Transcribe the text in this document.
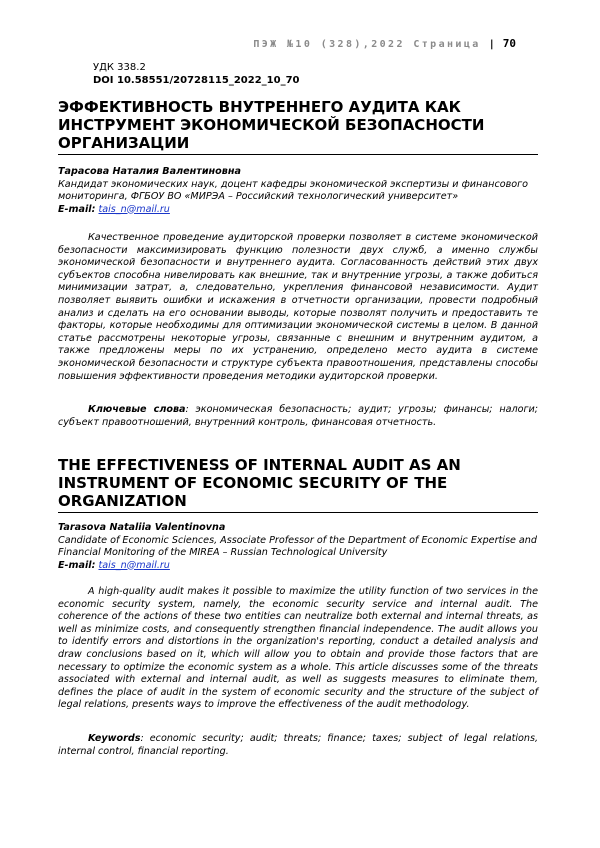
ПЭЖ №10 (328),2022 Страница | 70
УДК 338.2
DOI 10.58551/20728115_2022_10_70
ЭФФЕКТИВНОСТЬ ВНУТРЕННЕГО АУДИТА КАК ИНСТРУМЕНТ ЭКОНОМИЧЕСКОЙ БЕЗОПАСНОСТИ ОРГАНИЗАЦИИ
Тарасова Наталия Валентиновна
Кандидат экономических наук, доцент кафедры экономической экспертизы и финансового мониторинга, ФГБОУ ВО «МИРЭА – Российский технологический университет»
E-mail: tais_n@mail.ru

Качественное проведение аудиторской проверки позволяет в системе экономической безопасности максимизировать функцию полезности двух служб, а именно службы экономической безопасности и внутреннего аудита. Согласованность действий этих двух субъектов способна нивелировать как внешние, так и внутренние угрозы, а также добиться минимизации затрат, а, следовательно, укрепления финансовой независимости. Аудит позволяет выявить ошибки и искажения в отчетности организации, провести подробный анализ и сделать на его основании выводы, которые позволят получить и предоставить те факторы, которые необходимы для оптимизации экономической системы в целом. В данной статье рассмотрены некоторые угрозы, связанные с внешним и внутренним аудитом, а также предложены меры по их устранению, определено место аудита в системе экономической безопасности и структуре субъекта правоотношения, представлены способы повышения эффективности проведения методики аудиторской проверки.

Ключевые слова: экономическая безопасность; аудит; угрозы; финансы; налоги; субъект правоотношений, внутренний контроль, финансовая отчетность.

THE EFFECTIVENESS OF INTERNAL AUDIT AS AN INSTRUMENT OF ECONOMIC SECURITY OF THE ORGANIZATION
Tarasova Nataliia Valentinovna
Candidate of Economic Sciences, Associate Professor of the Department of Economic Expertise and Financial Monitoring of the MIREA – Russian Technological University
E-mail: tais_n@mail.ru

A high-quality audit makes it possible to maximize the utility function of two services in the economic security system, namely, the economic security service and internal audit. The coherence of the actions of these two entities can neutralize both external and internal threats, as well as minimize costs, and consequently strengthen financial independence. The audit allows you to identify errors and distortions in the organization's reporting, conduct a detailed analysis and draw conclusions based on it, which will allow you to obtain and provide those factors that are necessary to optimize the economic system as a whole. This article discusses some of the threats associated with external and internal audit, as well as suggests measures to eliminate them, defines the place of audit in the system of economic security and the structure of the subject of legal relations, presents ways to improve the effectiveness of the audit methodology.

Keywords: economic security; audit; threats; finance; taxes; subject of legal relations, internal control, financial reporting.
